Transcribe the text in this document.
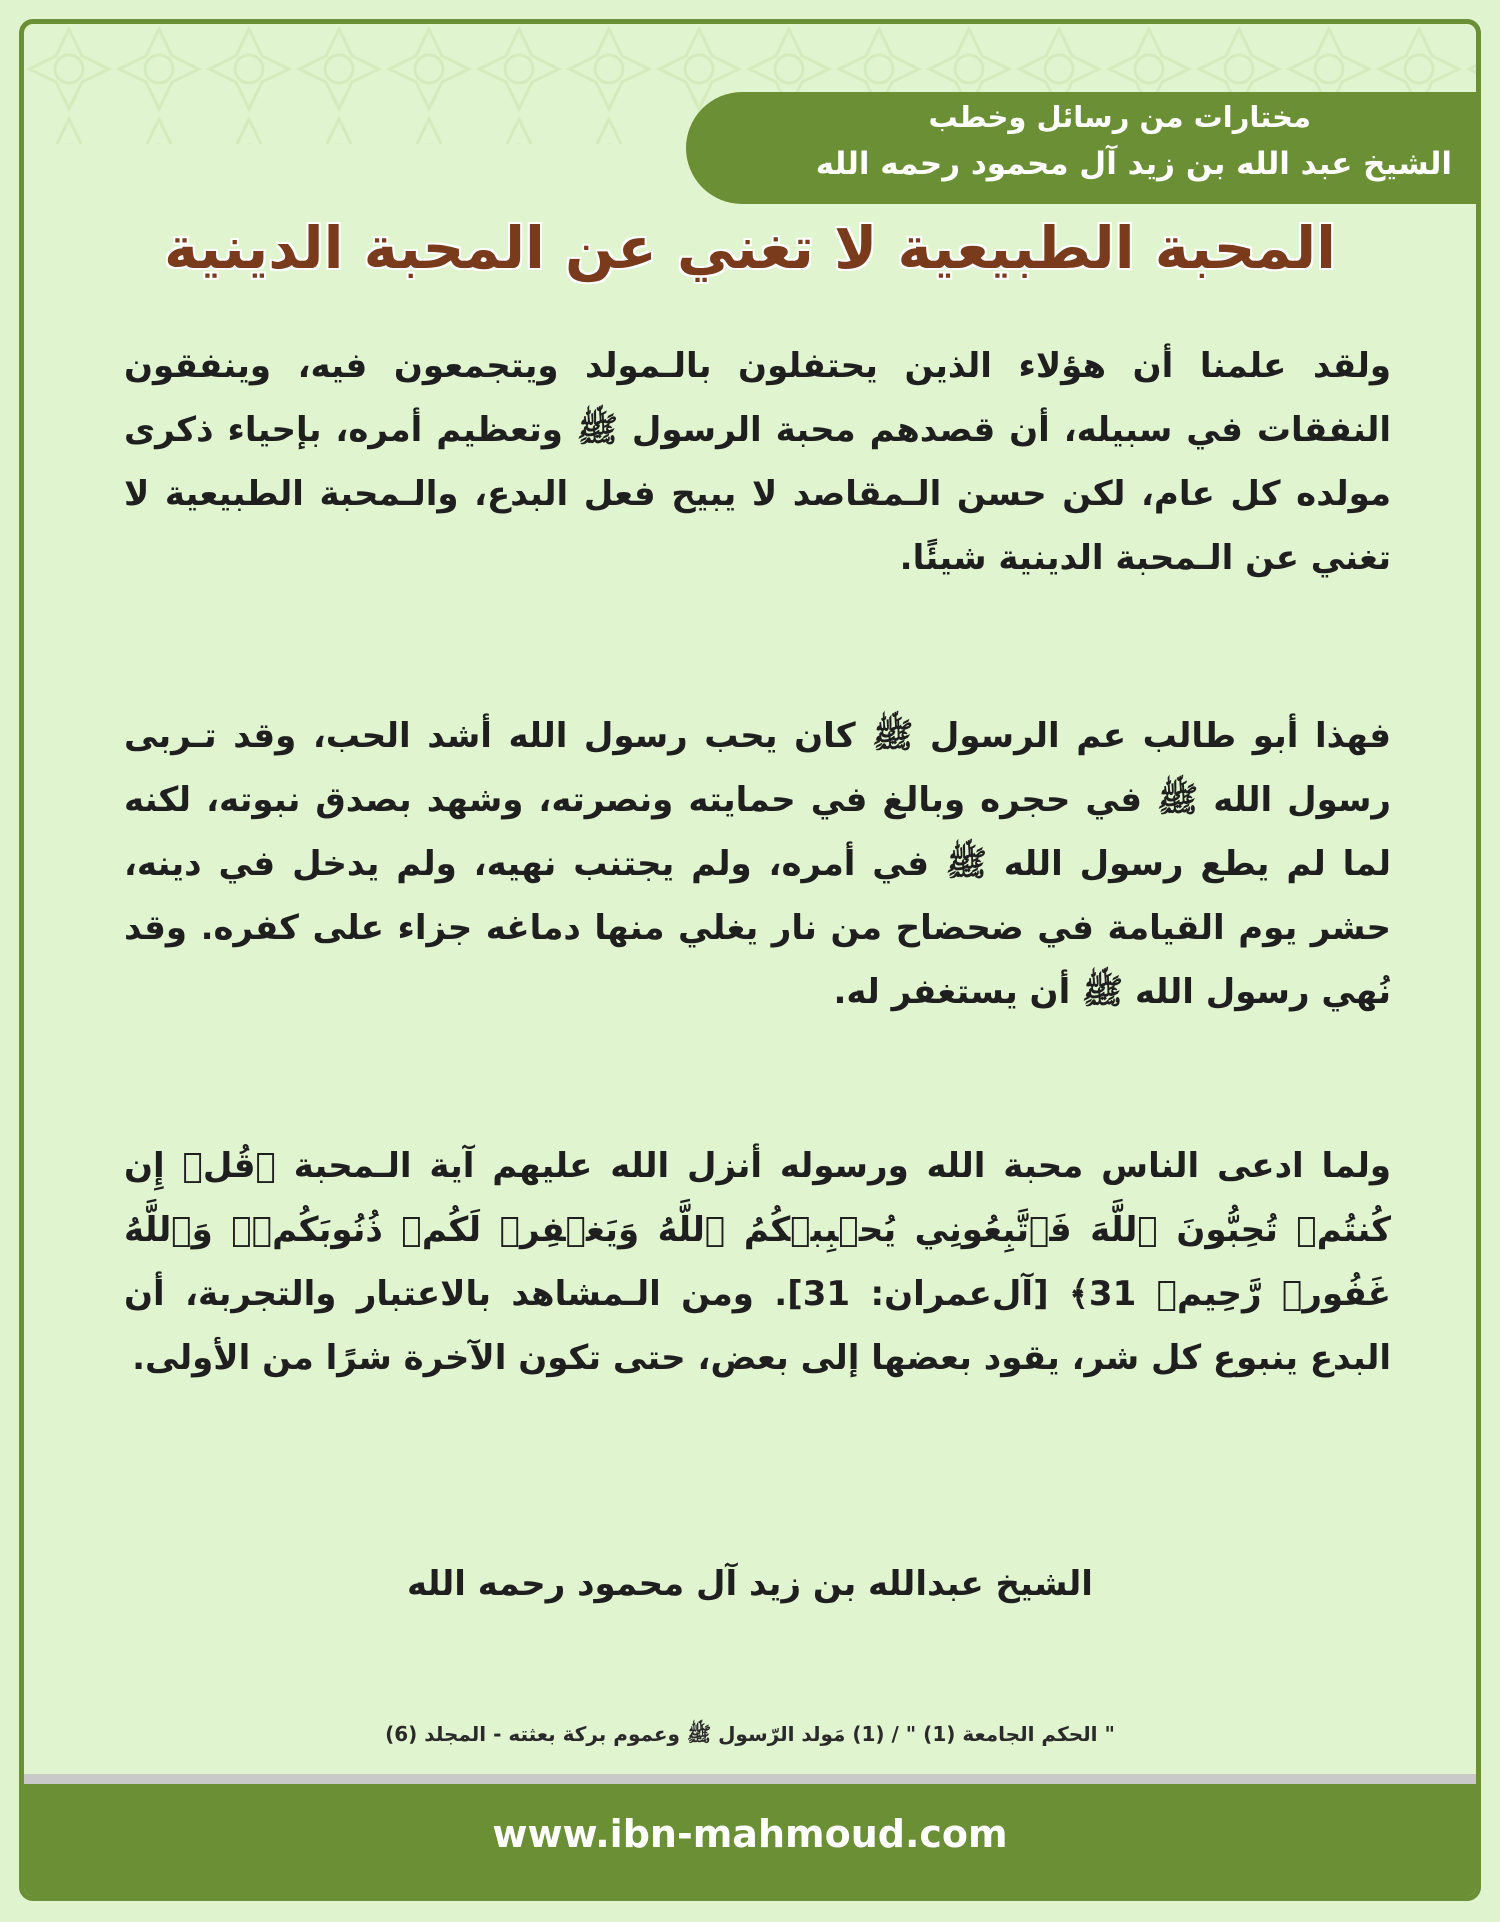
مختارات من رسائل وخطب
الشيخ عبد الله بن زيد آل محمود رحمه الله
المحبة الطبيعية لا تغني عن المحبة الدينية
ولقد علمنا أن هؤلاء الذين يحتفلون بالـمولد ويتجمعون فيه، وينفقون النفقات في سبيله، أن قصدهم محبة الرسول ﷺ وتعظيم أمره، بإحياء ذكرى مولده كل عام، لكن حسن الـمقاصد لا يبيح فعل البدع، والـمحبة الطبيعية لا تغني عن الـمحبة الدينية شيئًا.
فهذا أبو طالب عم الرسول ﷺ كان يحب رسول الله أشد الحب، وقد تـربى رسول الله ﷺ في حجره وبالغ في حمايته ونصرته، وشهد بصدق نبوته، لكنه لما لم يطع رسول الله ﷺ في أمره، ولم يجتنب نهيه، ولم يدخل في دينه، حشر يوم القيامة في ضحضاح من نار يغلي منها دماغه جزاء على كفره. وقد نُهي رسول الله ﷺ أن يستغفر له.
ولما ادعى الناس محبة الله ورسوله أنزل الله عليهم آية الـمحبة ﴿قُلۡ إِن كُنتُمۡ تُحِبُّونَ ٱللَّهَ فَٱتَّبِعُونِي يُحۡبِبۡكُمُ ٱللَّهُ وَيَغۡفِرۡ لَكُمۡ ذُنُوبَكُمۡۚ وَٱللَّهُ غَفُورٞ رَّحِيمٞ 31﴾ [آل‌عمران: 31]. ومن الـمشاهد بالاعتبار والتجربة، أن البدع ينبوع كل شر، يقود بعضها إلى بعض، حتى تكون الآخرة شرًا من الأولى.
الشيخ عبدالله بن زيد آل محمود رحمه الله
" الحكم الجامعة (1) " / (1) مَولد الرّسول ﷺ وعموم بركة بعثته - المجلد (6)
www.ibn-mahmoud.com
